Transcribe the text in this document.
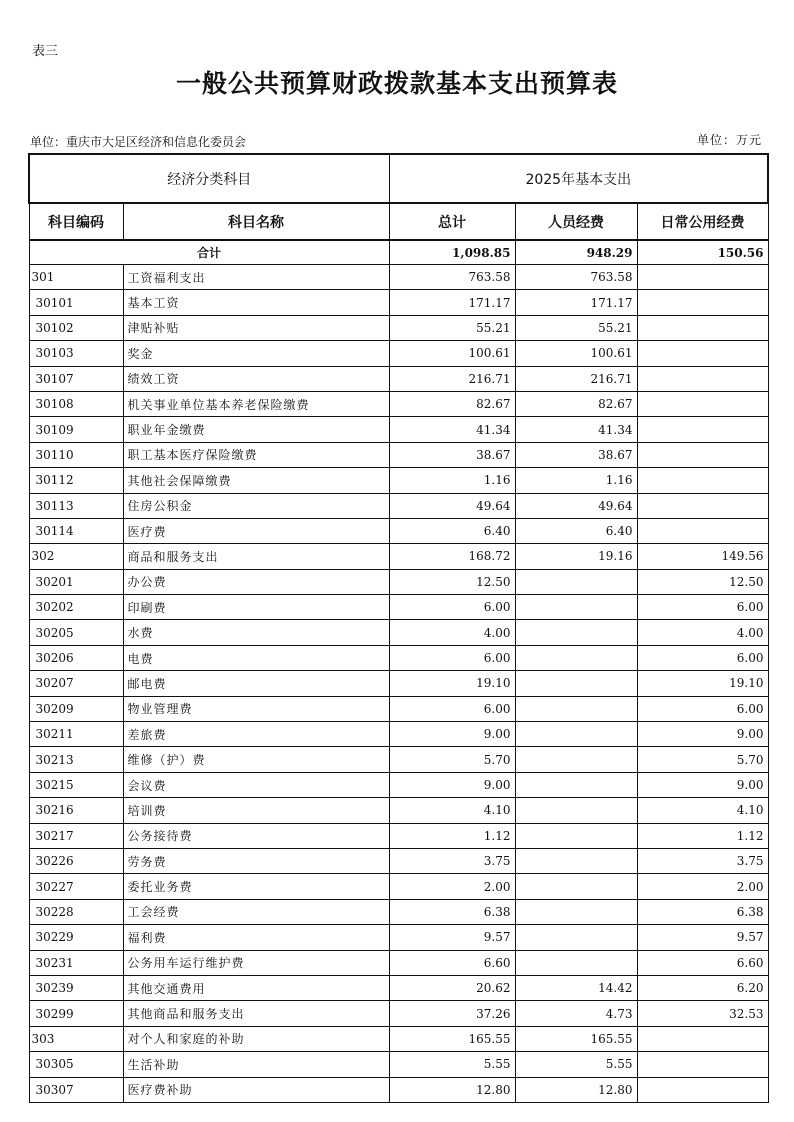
表三
一般公共预算财政拨款基本支出预算表
单位：重庆市大足区经济和信息化委员会	单位：万元
经济分类科目		2025年基本支出		
科目编码	科目名称	总计	人员经费	日常公用经费
合计		1,098.85	948.29	150.56
301	工资福利支出	763.58	763.58	
30101	基本工资	171.17	171.17	
30102	津贴补贴	55.21	55.21	
30103	奖金	100.61	100.61	
30107	绩效工资	216.71	216.71	
30108	机关事业单位基本养老保险缴费	82.67	82.67	
30109	职业年金缴费	41.34	41.34	
30110	职工基本医疗保险缴费	38.67	38.67	
30112	其他社会保障缴费	1.16	1.16	
30113	住房公积金	49.64	49.64	
30114	医疗费	6.40	6.40	
302	商品和服务支出	168.72	19.16	149.56
30201	办公费	12.50		12.50
30202	印刷费	6.00		6.00
30205	水费	4.00		4.00
30206	电费	6.00		6.00
30207	邮电费	19.10		19.10
30209	物业管理费	6.00		6.00
30211	差旅费	9.00		9.00
30213	维修（护）费	5.70		5.70
30215	会议费	9.00		9.00
30216	培训费	4.10		4.10
30217	公务接待费	1.12		1.12
30226	劳务费	3.75		3.75
30227	委托业务费	2.00		2.00
30228	工会经费	6.38		6.38
30229	福利费	9.57		9.57
30231	公务用车运行维护费	6.60		6.60
30239	其他交通费用	20.62	14.42	6.20
30299	其他商品和服务支出	37.26	4.73	32.53
303	对个人和家庭的补助	165.55	165.55	
30305	生活补助	5.55	5.55	
30307	医疗费补助	12.80	12.80	
